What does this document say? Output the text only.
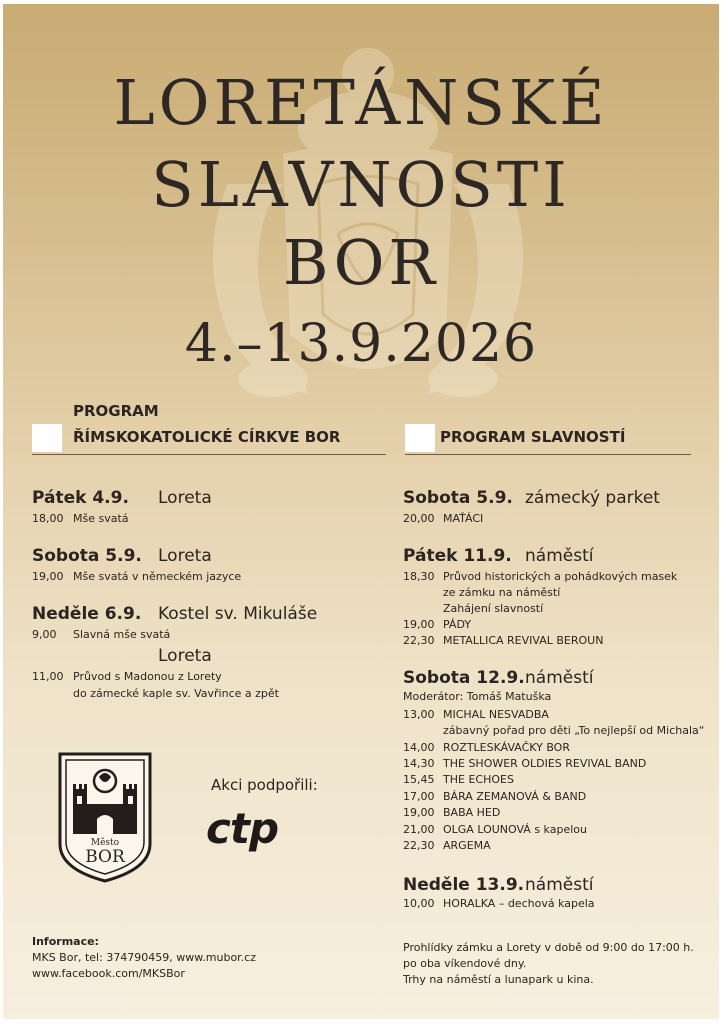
LORETÁNSKÉ
SLAVNOSTI
BOR
4.–13.9.2026
PROGRAM
ŘÍMSKOKATOLICKÉ CÍRKVE BOR	PROGRAM SLAVNOSTÍ
Pátek 4.9. Loreta
18,00 Mše svatá
Sobota 5.9. Loreta
19,00 Mše svatá v německém jazyce
Neděle 6.9. Kostel sv. Mikuláše
9,00 Slavná mše svatá
Loreta
11,00 Průvod s Madonou z Lorety
do zámecké kaple sv. Vavřince a zpět
Sobota 5.9. zámecký parket
20,00 MAŤÁCI
Pátek 11.9. náměstí
18,30 Průvod historických a pohádkových masek
ze zámku na náměstí
Zahájení slavností
19,00 PÁDY
22,30 METALLICA REVIVAL BEROUN
Sobota 12.9. náměstí
Moderátor: Tomáš Matuška
13,00 MICHAL NESVADBA
zábavný pořad pro děti „To nejlepší od Michala“
14,00 ROZTLESKÁVAČKY BOR
14,30 THE SHOWER OLDIES REVIVAL BAND
15,45 THE ECHOES
17,00 BÁRA ZEMANOVÁ & BAND
19,00 BABA HED
21,00 OLGA LOUNOVÁ s kapelou
22,30 ARGEMA
Neděle 13.9. náměstí
10,00 HORALKA – dechová kapela
Město
BOR
Akci podpořili:
ctp
Informace:
MKS Bor, tel: 374790459, www.mubor.cz
www.facebook.com/MKSBor
Prohlídky zámku a Lorety v době od 9:00 do 17:00 h.
po oba víkendové dny.
Trhy na náměstí a lunapark u kina.
